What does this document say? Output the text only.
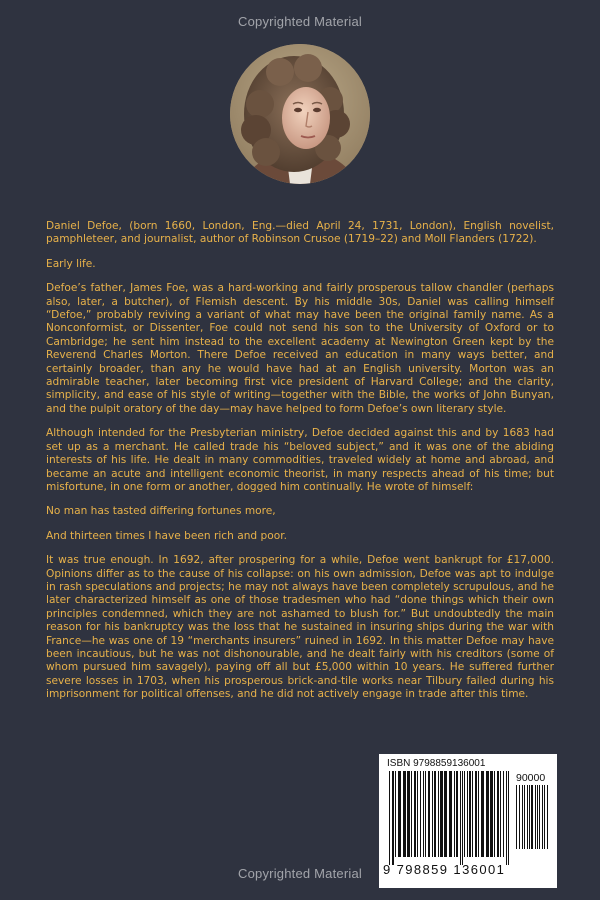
Copyrighted Material

Daniel Defoe, (born 1660, London, Eng.—died April 24, 1731, London), English novelist, pamphleteer, and journalist, author of Robinson Crusoe (1719–22) and Moll Flanders (1722).

Early life.

Defoe’s father, James Foe, was a hard-working and fairly prosperous tallow chandler (perhaps also, later, a butcher), of Flemish descent. By his middle 30s, Daniel was calling himself “Defoe,” probably reviving a variant of what may have been the original family name. As a Nonconformist, or Dissenter, Foe could not send his son to the University of Oxford or to Cambridge; he sent him instead to the excellent academy at Newington Green kept by the Reverend Charles Morton. There Defoe received an education in many ways better, and certainly broader, than any he would have had at an English university. Morton was an admirable teacher, later becoming first vice president of Harvard College; and the clarity, simplicity, and ease of his style of writing—together with the Bible, the works of John Bunyan, and the pulpit oratory of the day—may have helped to form Defoe’s own literary style.

Although intended for the Presbyterian ministry, Defoe decided against this and by 1683 had set up as a merchant. He called trade his “beloved subject,” and it was one of the abiding interests of his life. He dealt in many commodities, traveled widely at home and abroad, and became an acute and intelligent economic theorist, in many respects ahead of his time; but misfortune, in one form or another, dogged him continually. He wrote of himself:

No man has tasted differing fortunes more,

And thirteen times I have been rich and poor.

It was true enough. In 1692, after prospering for a while, Defoe went bankrupt for £17,000. Opinions differ as to the cause of his collapse: on his own admission, Defoe was apt to indulge in rash speculations and projects; he may not always have been completely scrupulous, and he later characterized himself as one of those tradesmen who had “done things which their own principles condemned, which they are not ashamed to blush for.” But undoubtedly the main reason for his bankruptcy was the loss that he sustained in insuring ships during the war with France—he was one of 19 “merchants insurers” ruined in 1692. In this matter Defoe may have been incautious, but he was not dishonourable, and he dealt fairly with his creditors (some of whom pursued him savagely), paying off all but £5,000 within 10 years. He suffered further severe losses in 1703, when his prosperous brick-and-tile works near Tilbury failed during his imprisonment for political offenses, and he did not actively engage in trade after this time.

ISBN 9798859136001
90000
9 798859 136001
Copyrighted Material
